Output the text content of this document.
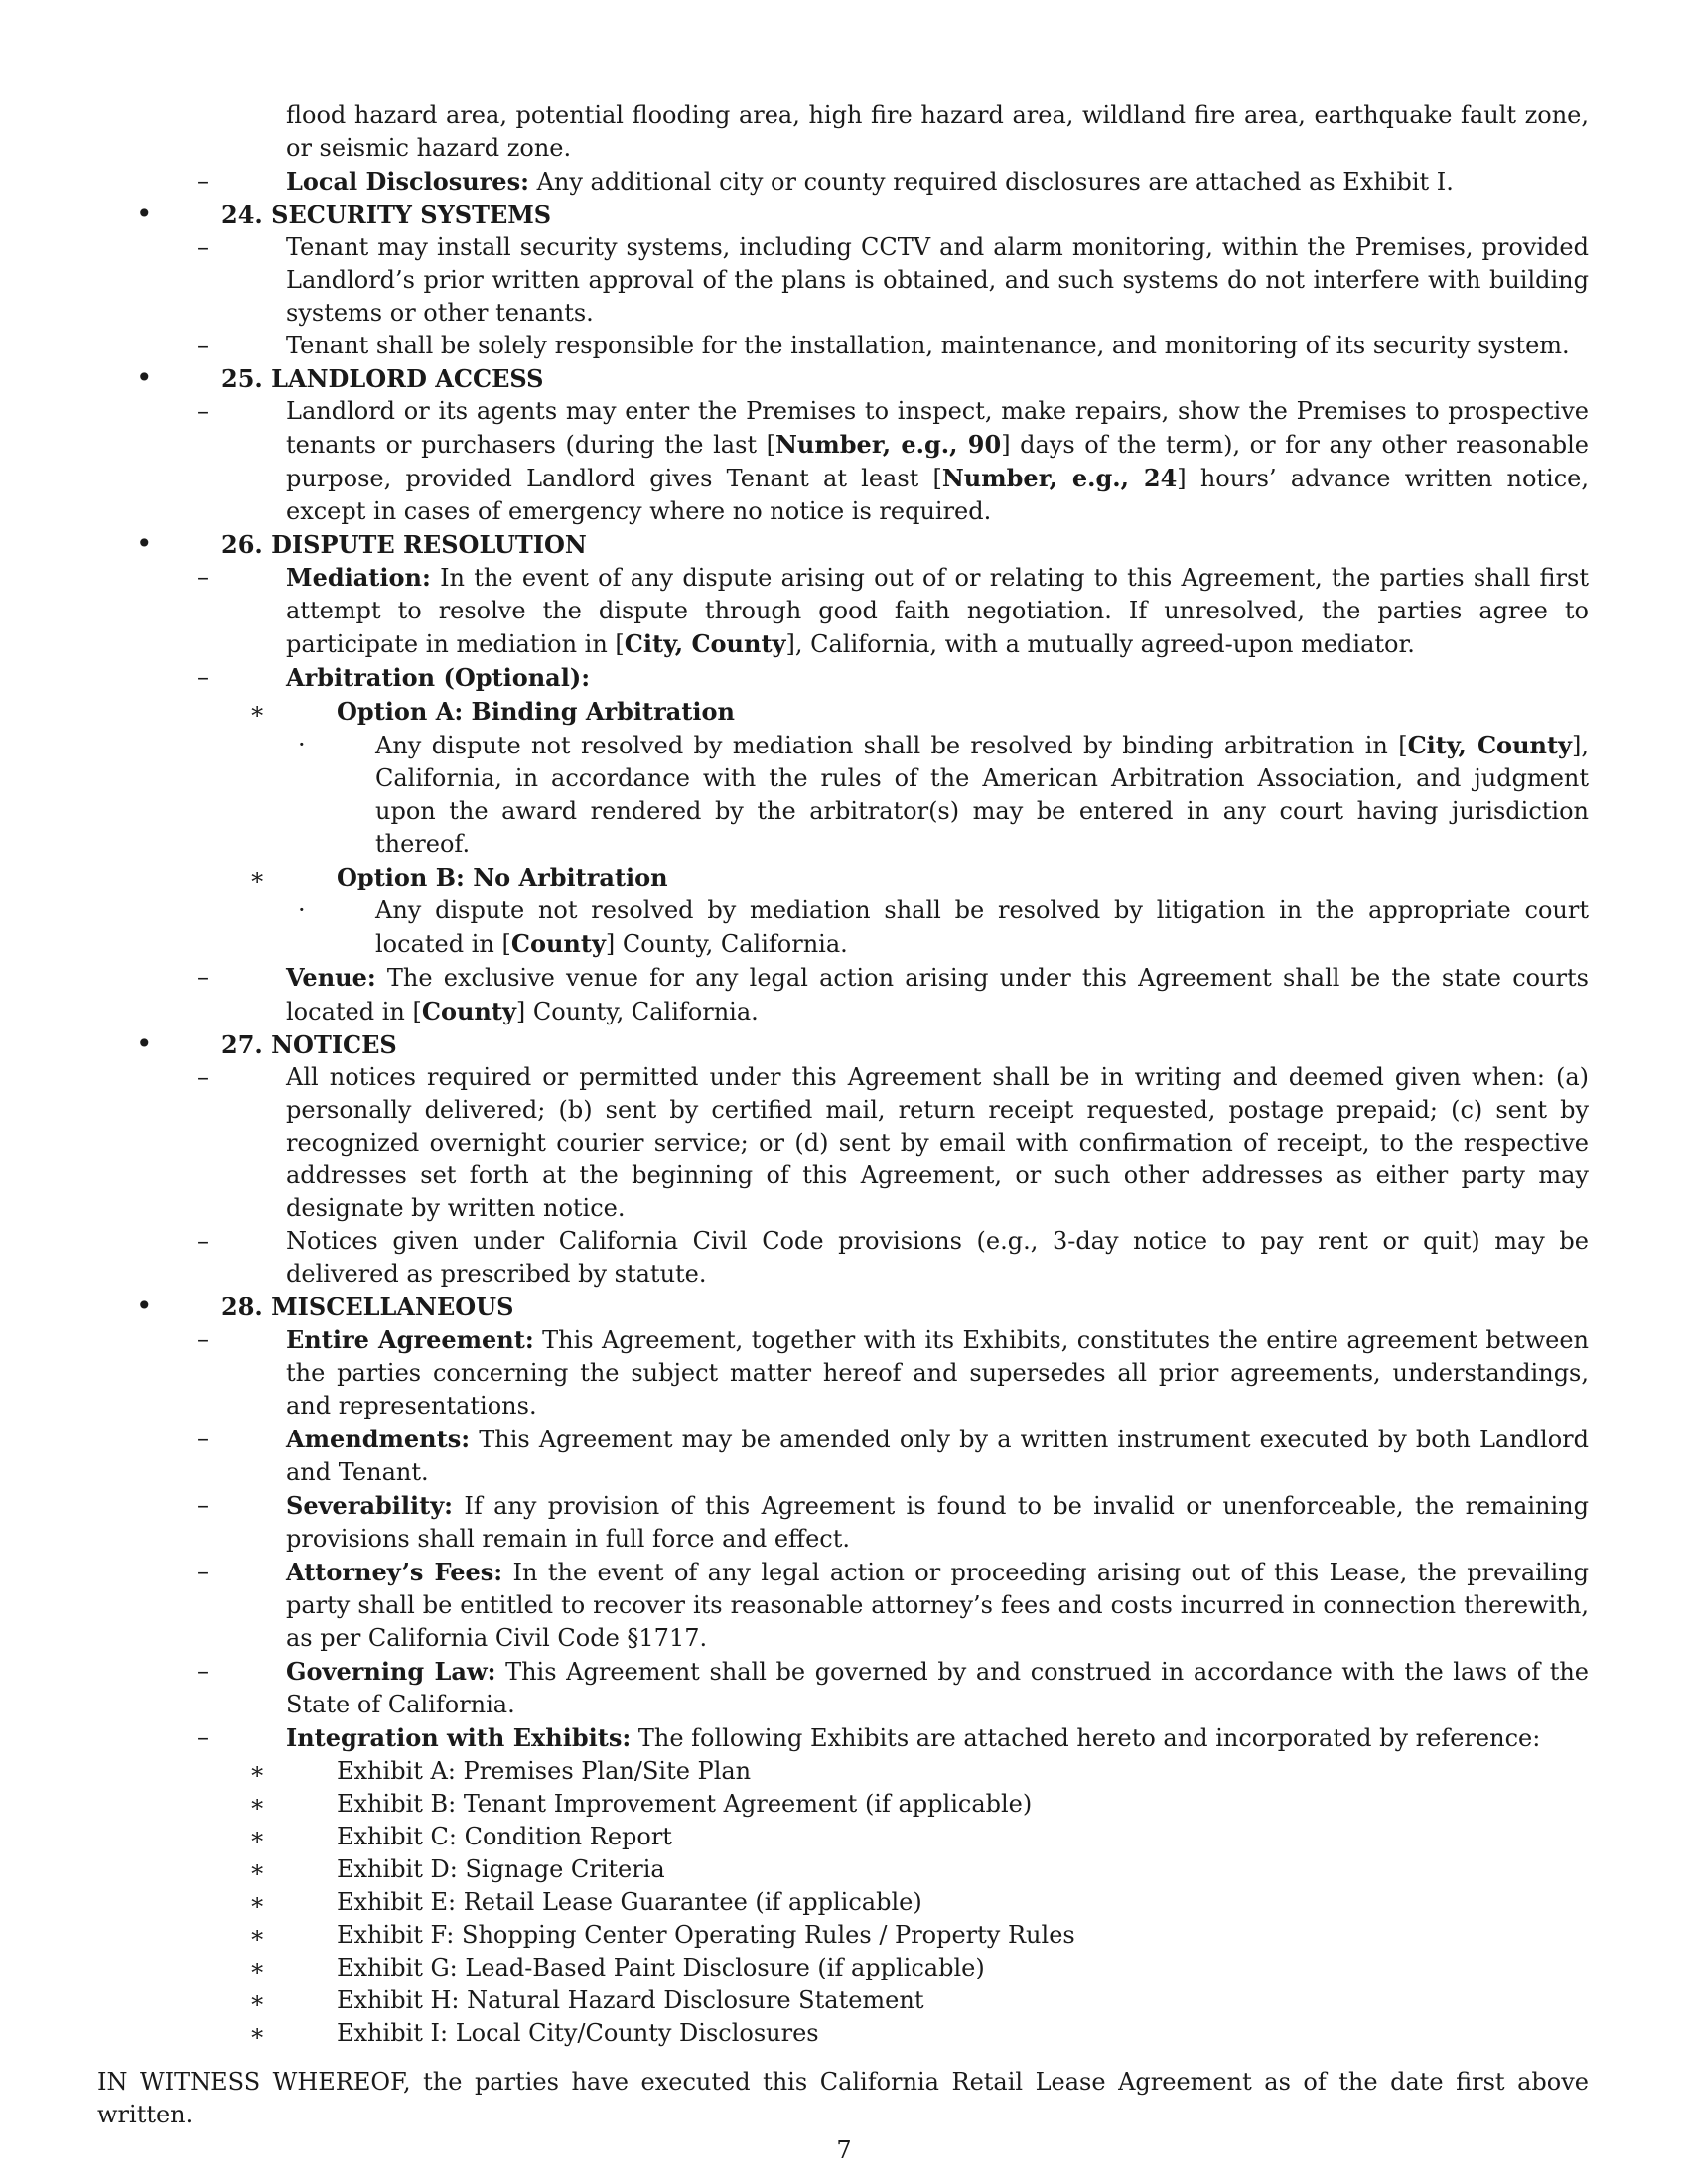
flood hazard area, potential flooding area, high fire hazard area, wildland fire area, earthquake fault zone, or seismic hazard zone.
–	Local Disclosures: Any additional city or county required disclosures are attached as Exhibit I.
•	24. SECURITY SYSTEMS
–	Tenant may install security systems, including CCTV and alarm monitoring, within the Premises, provided Landlord’s prior written approval of the plans is obtained, and such systems do not interfere with building systems or other tenants.
–	Tenant shall be solely responsible for the installation, maintenance, and monitoring of its security system.
•	25. LANDLORD ACCESS
–	Landlord or its agents may enter the Premises to inspect, make repairs, show the Premises to prospective tenants or purchasers (during the last [Number, e.g., 90] days of the term), or for any other reasonable purpose, provided Landlord gives Tenant at least [Number, e.g., 24] hours’ advance written notice, except in cases of emergency where no notice is required.
•	26. DISPUTE RESOLUTION
–	Mediation: In the event of any dispute arising out of or relating to this Agreement, the parties shall first attempt to resolve the dispute through good faith negotiation. If unresolved, the parties agree to participate in mediation in [City, County], California, with a mutually agreed-upon mediator.
–	Arbitration (Optional):
∗	Option A: Binding Arbitration
·	Any dispute not resolved by mediation shall be resolved by binding arbitration in [City, County], California, in accordance with the rules of the American Arbitration Association, and judgment upon the award rendered by the arbitrator(s) may be entered in any court having jurisdiction thereof.
∗	Option B: No Arbitration
·	Any dispute not resolved by mediation shall be resolved by litigation in the appropriate court located in [County] County, California.
–	Venue: The exclusive venue for any legal action arising under this Agreement shall be the state courts located in [County] County, California.
•	27. NOTICES
–	All notices required or permitted under this Agreement shall be in writing and deemed given when: (a) personally delivered; (b) sent by certified mail, return receipt requested, postage prepaid; (c) sent by recognized overnight courier service; or (d) sent by email with confirmation of receipt, to the respective addresses set forth at the beginning of this Agreement, or such other addresses as either party may designate by written notice.
–	Notices given under California Civil Code provisions (e.g., 3-day notice to pay rent or quit) may be delivered as prescribed by statute.
•	28. MISCELLANEOUS
–	Entire Agreement: This Agreement, together with its Exhibits, constitutes the entire agreement between the parties concerning the subject matter hereof and supersedes all prior agreements, understandings, and representations.
–	Amendments: This Agreement may be amended only by a written instrument executed by both Landlord and Tenant.
–	Severability: If any provision of this Agreement is found to be invalid or unenforceable, the remaining provisions shall remain in full force and effect.
–	Attorney’s Fees: In the event of any legal action or proceeding arising out of this Lease, the prevailing party shall be entitled to recover its reasonable attorney’s fees and costs incurred in connection therewith, as per California Civil Code §1717.
–	Governing Law: This Agreement shall be governed by and construed in accordance with the laws of the State of California.
–	Integration with Exhibits: The following Exhibits are attached hereto and incorporated by reference:
∗	Exhibit A: Premises Plan/Site Plan
∗	Exhibit B: Tenant Improvement Agreement (if applicable)
∗	Exhibit C: Condition Report
∗	Exhibit D: Signage Criteria
∗	Exhibit E: Retail Lease Guarantee (if applicable)
∗	Exhibit F: Shopping Center Operating Rules / Property Rules
∗	Exhibit G: Lead-Based Paint Disclosure (if applicable)
∗	Exhibit H: Natural Hazard Disclosure Statement
∗	Exhibit I: Local City/County Disclosures
IN WITNESS WHEREOF, the parties have executed this California Retail Lease Agreement as of the date first above written.
7
